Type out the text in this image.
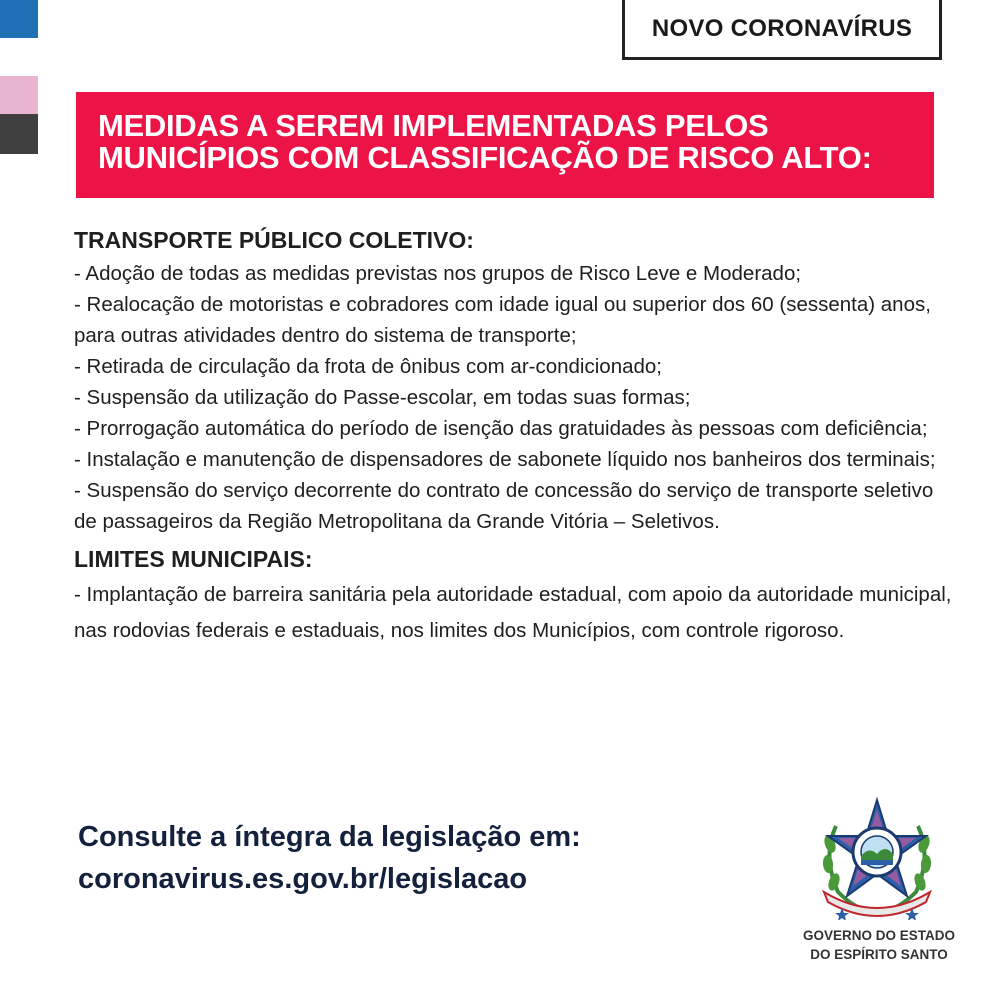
NOVO CORONAVÍRUS
MEDIDAS A SEREM IMPLEMENTADAS PELOS
MUNICÍPIOS COM CLASSIFICAÇÃO DE RISCO ALTO:
TRANSPORTE PÚBLICO COLETIVO:
- Adoção de todas as medidas previstas nos grupos de Risco Leve e Moderado;
- Realocação de motoristas e cobradores com idade igual ou superior dos 60 (sessenta) anos, para outras atividades dentro do sistema de transporte;
- Retirada de circulação da frota de ônibus com ar-condicionado;
- Suspensão da utilização do Passe-escolar, em todas suas formas;
- Prorrogação automática do período de isenção das gratuidades às pessoas com deficiência;
- Instalação e manutenção de dispensadores de sabonete líquido nos banheiros dos terminais;
- Suspensão do serviço decorrente do contrato de concessão do serviço de transporte seletivo de passageiros da Região Metropolitana da Grande Vitória – Seletivos.
LIMITES MUNICIPAIS:
- Implantação de barreira sanitária pela autoridade estadual, com apoio da autoridade municipal, nas rodovias federais e estaduais, nos limites dos Municípios, com controle rigoroso.
Consulte a íntegra da legislação em:
coronavirus.es.gov.br/legislacao
GOVERNO DO ESTADO
DO ESPÍRITO SANTO
